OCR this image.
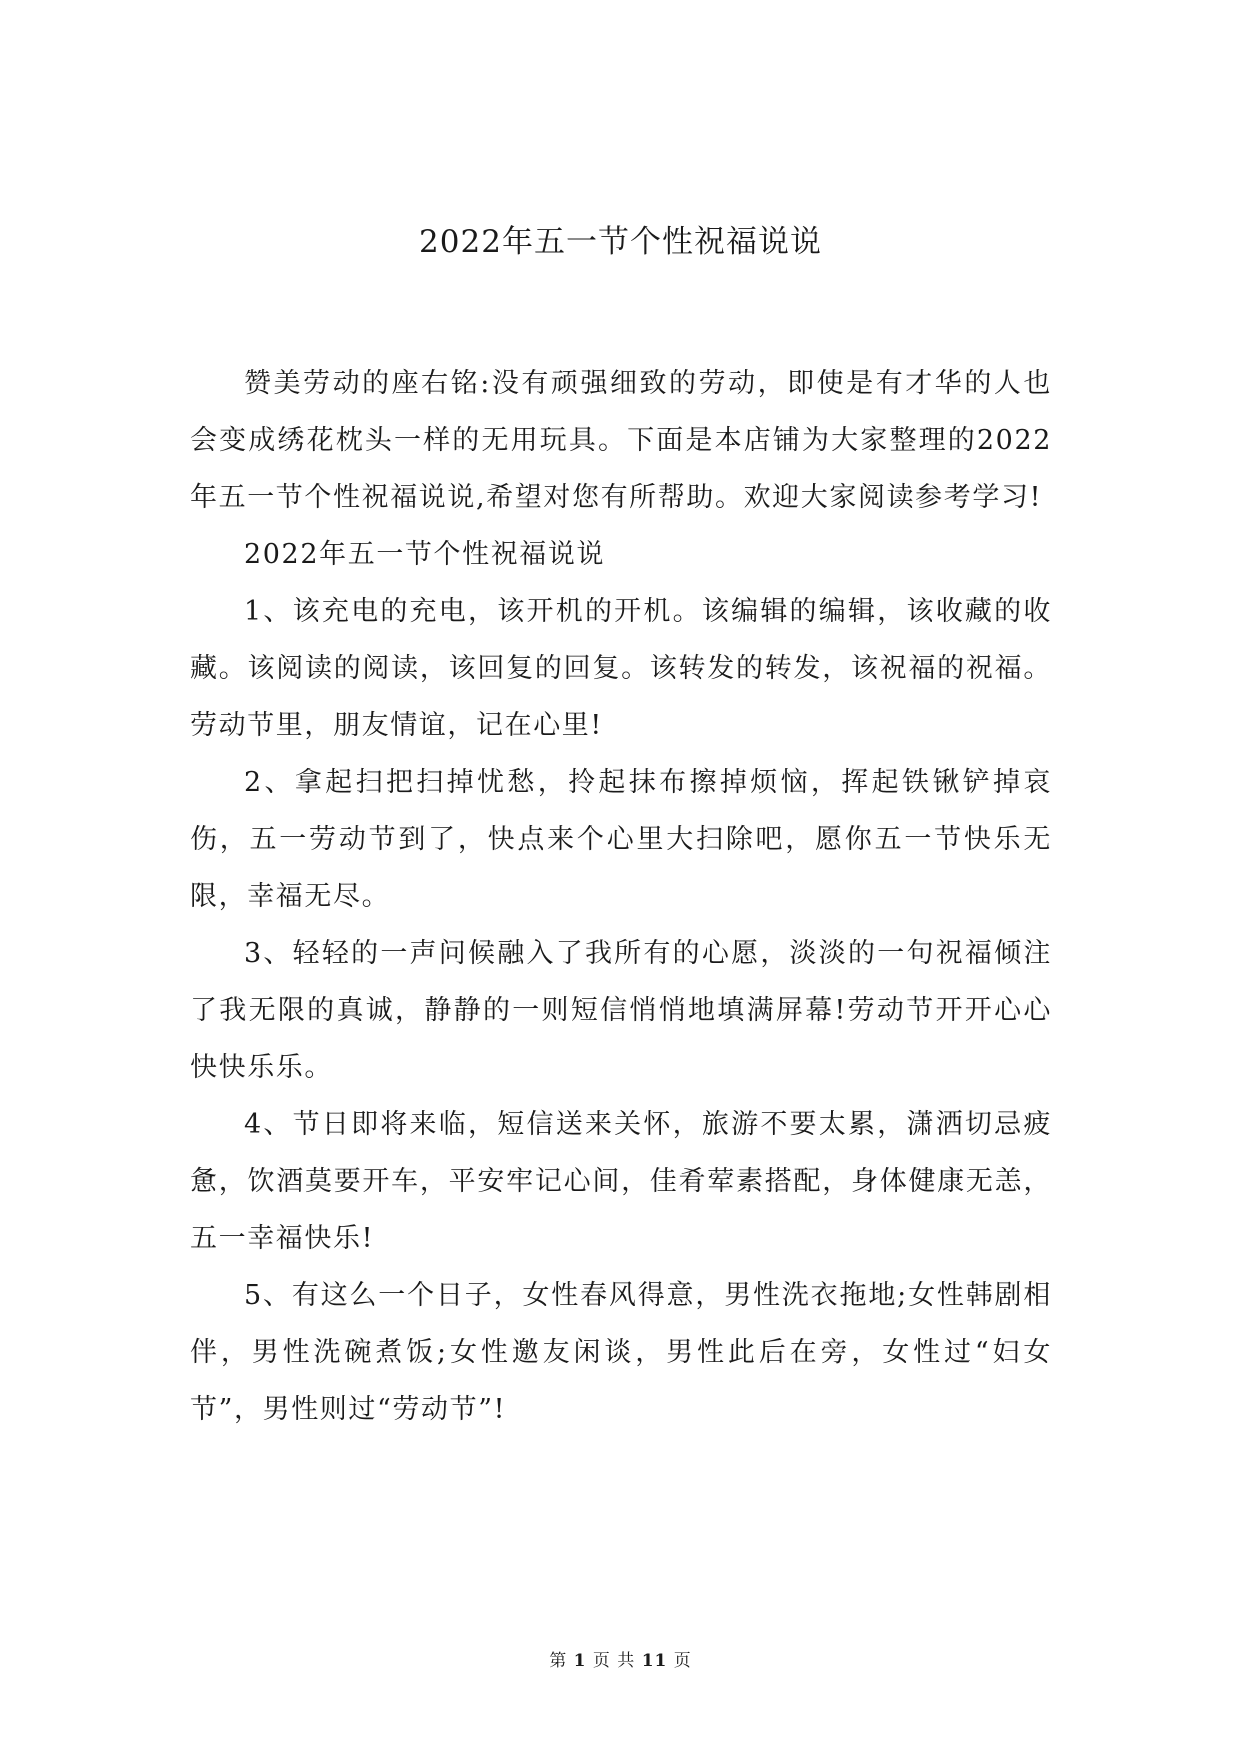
2022年五一节个性祝福说说

赞美劳动的座右铭:没有顽强细致的劳动，即使是有才华的人也会变成绣花枕头一样的无用玩具。下面是本店铺为大家整理的2022年五一节个性祝福说说,希望对您有所帮助。欢迎大家阅读参考学习!

2022年五一节个性祝福说说

1、该充电的充电，该开机的开机。该编辑的编辑，该收藏的收藏。该阅读的阅读，该回复的回复。该转发的转发，该祝福的祝福。劳动节里，朋友情谊，记在心里!

2、拿起扫把扫掉忧愁，拎起抹布擦掉烦恼，挥起铁锹铲掉哀伤，五一劳动节到了，快点来个心里大扫除吧，愿你五一节快乐无限，幸福无尽。

3、轻轻的一声问候融入了我所有的心愿，淡淡的一句祝福倾注了我无限的真诚，静静的一则短信悄悄地填满屏幕!劳动节开开心心快快乐乐。

4、节日即将来临，短信送来关怀，旅游不要太累，潇洒切忌疲惫，饮酒莫要开车，平安牢记心间，佳肴荤素搭配，身体健康无恙，五一幸福快乐!

5、有这么一个日子，女性春风得意，男性洗衣拖地;女性韩剧相伴，男性洗碗煮饭;女性邀友闲谈，男性此后在旁，女性过“妇女节”，男性则过“劳动节”!

第 1 页 共 11 页
